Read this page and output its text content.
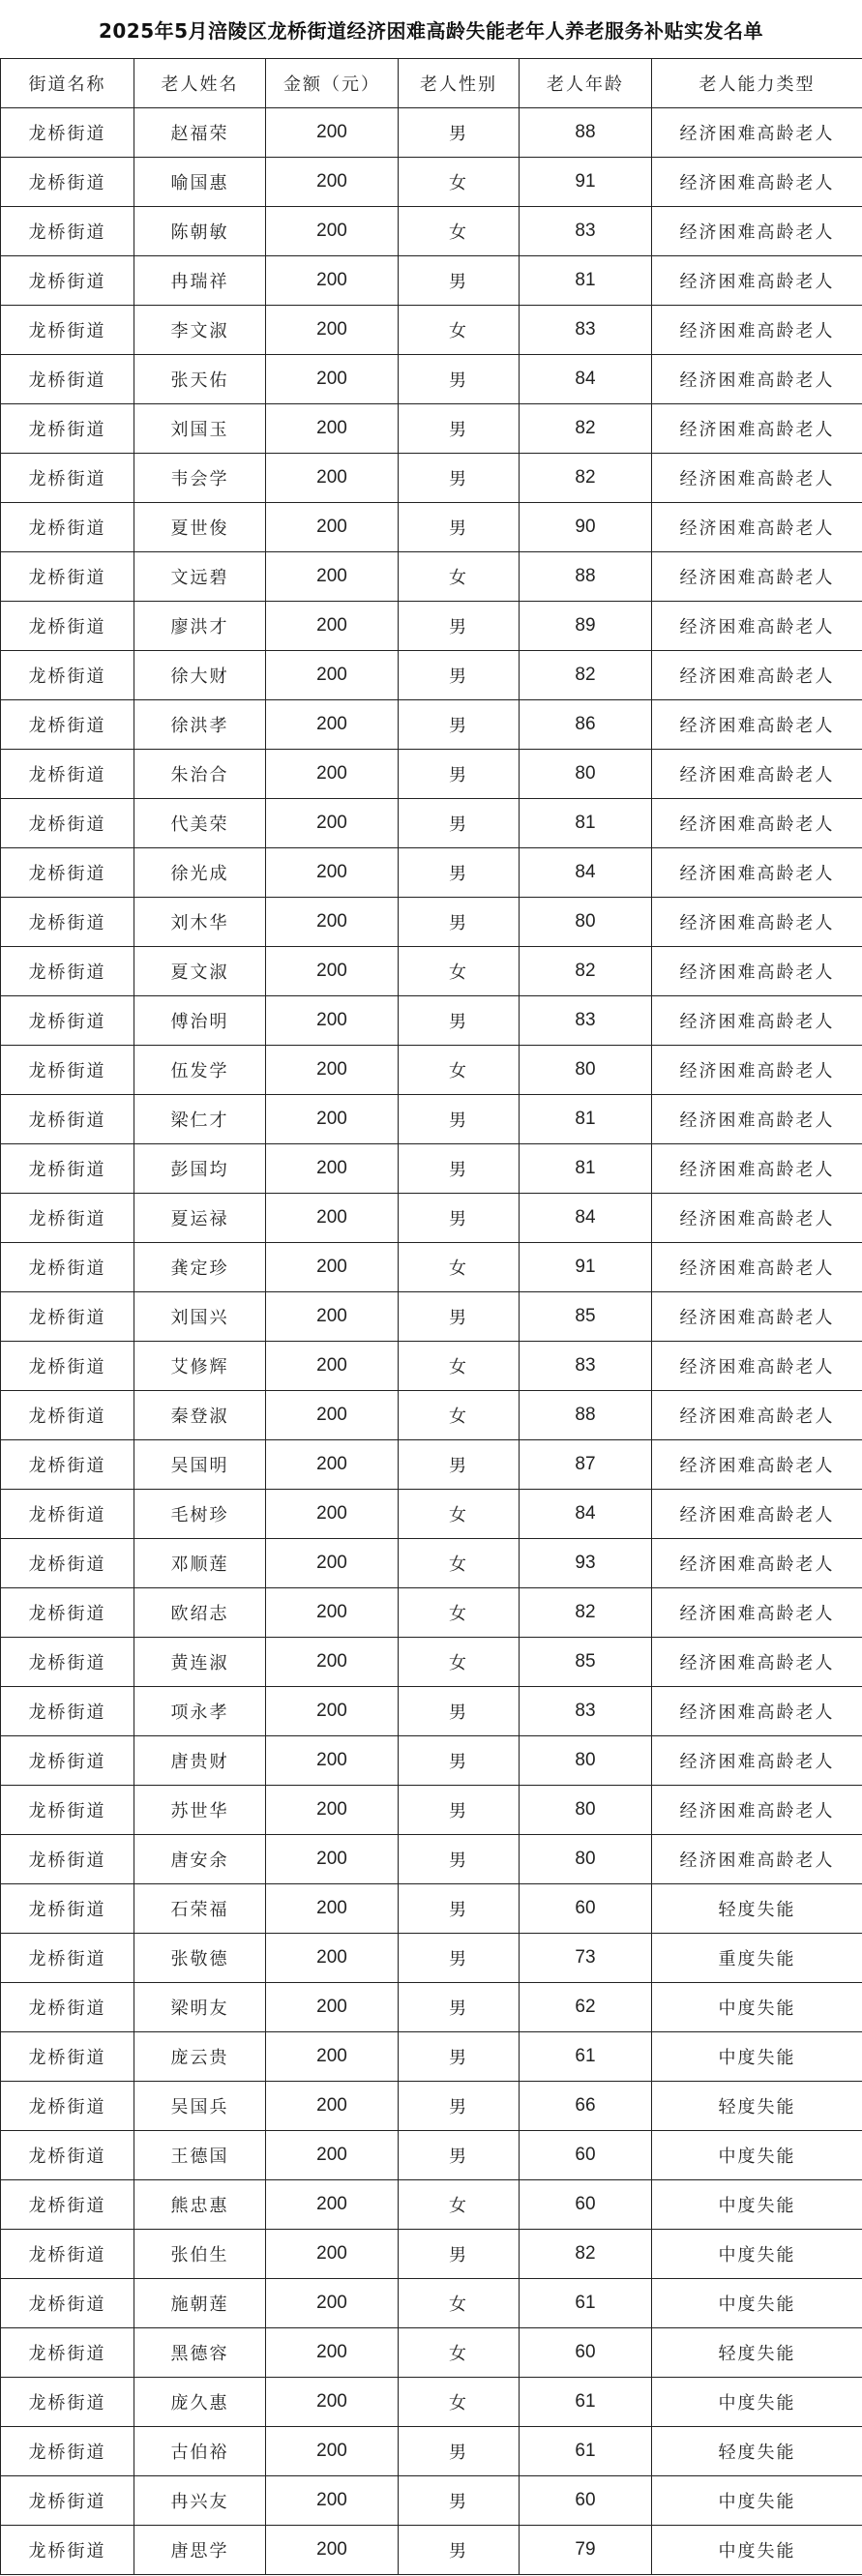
2025年5月涪陵区龙桥街道经济困难高龄失能老年人养老服务补贴实发名单
街道名称	老人姓名	金额（元）	老人性别	老人年龄	老人能力类型
龙桥街道	赵福荣	200	男	88	经济困难高龄老人
龙桥街道	喻国惠	200	女	91	经济困难高龄老人
龙桥街道	陈朝敏	200	女	83	经济困难高龄老人
龙桥街道	冉瑞祥	200	男	81	经济困难高龄老人
龙桥街道	李文淑	200	女	83	经济困难高龄老人
龙桥街道	张天佑	200	男	84	经济困难高龄老人
龙桥街道	刘国玉	200	男	82	经济困难高龄老人
龙桥街道	韦会学	200	男	82	经济困难高龄老人
龙桥街道	夏世俊	200	男	90	经济困难高龄老人
龙桥街道	文远碧	200	女	88	经济困难高龄老人
龙桥街道	廖洪才	200	男	89	经济困难高龄老人
龙桥街道	徐大财	200	男	82	经济困难高龄老人
龙桥街道	徐洪孝	200	男	86	经济困难高龄老人
龙桥街道	朱治合	200	男	80	经济困难高龄老人
龙桥街道	代美荣	200	男	81	经济困难高龄老人
龙桥街道	徐光成	200	男	84	经济困难高龄老人
龙桥街道	刘木华	200	男	80	经济困难高龄老人
龙桥街道	夏文淑	200	女	82	经济困难高龄老人
龙桥街道	傅治明	200	男	83	经济困难高龄老人
龙桥街道	伍发学	200	女	80	经济困难高龄老人
龙桥街道	梁仁才	200	男	81	经济困难高龄老人
龙桥街道	彭国均	200	男	81	经济困难高龄老人
龙桥街道	夏运禄	200	男	84	经济困难高龄老人
龙桥街道	龚定珍	200	女	91	经济困难高龄老人
龙桥街道	刘国兴	200	男	85	经济困难高龄老人
龙桥街道	艾修辉	200	女	83	经济困难高龄老人
龙桥街道	秦登淑	200	女	88	经济困难高龄老人
龙桥街道	吴国明	200	男	87	经济困难高龄老人
龙桥街道	毛树珍	200	女	84	经济困难高龄老人
龙桥街道	邓顺莲	200	女	93	经济困难高龄老人
龙桥街道	欧绍志	200	女	82	经济困难高龄老人
龙桥街道	黄连淑	200	女	85	经济困难高龄老人
龙桥街道	项永孝	200	男	83	经济困难高龄老人
龙桥街道	唐贵财	200	男	80	经济困难高龄老人
龙桥街道	苏世华	200	男	80	经济困难高龄老人
龙桥街道	唐安余	200	男	80	经济困难高龄老人
龙桥街道	石荣福	200	男	60	轻度失能
龙桥街道	张敬德	200	男	73	重度失能
龙桥街道	梁明友	200	男	62	中度失能
龙桥街道	庞云贵	200	男	61	中度失能
龙桥街道	吴国兵	200	男	66	轻度失能
龙桥街道	王德国	200	男	60	中度失能
龙桥街道	熊忠惠	200	女	60	中度失能
龙桥街道	张伯生	200	男	82	中度失能
龙桥街道	施朝莲	200	女	61	中度失能
龙桥街道	黑德容	200	女	60	轻度失能
龙桥街道	庞久惠	200	女	61	中度失能
龙桥街道	古伯裕	200	男	61	轻度失能
龙桥街道	冉兴友	200	男	60	中度失能
龙桥街道	唐思学	200	男	79	中度失能
